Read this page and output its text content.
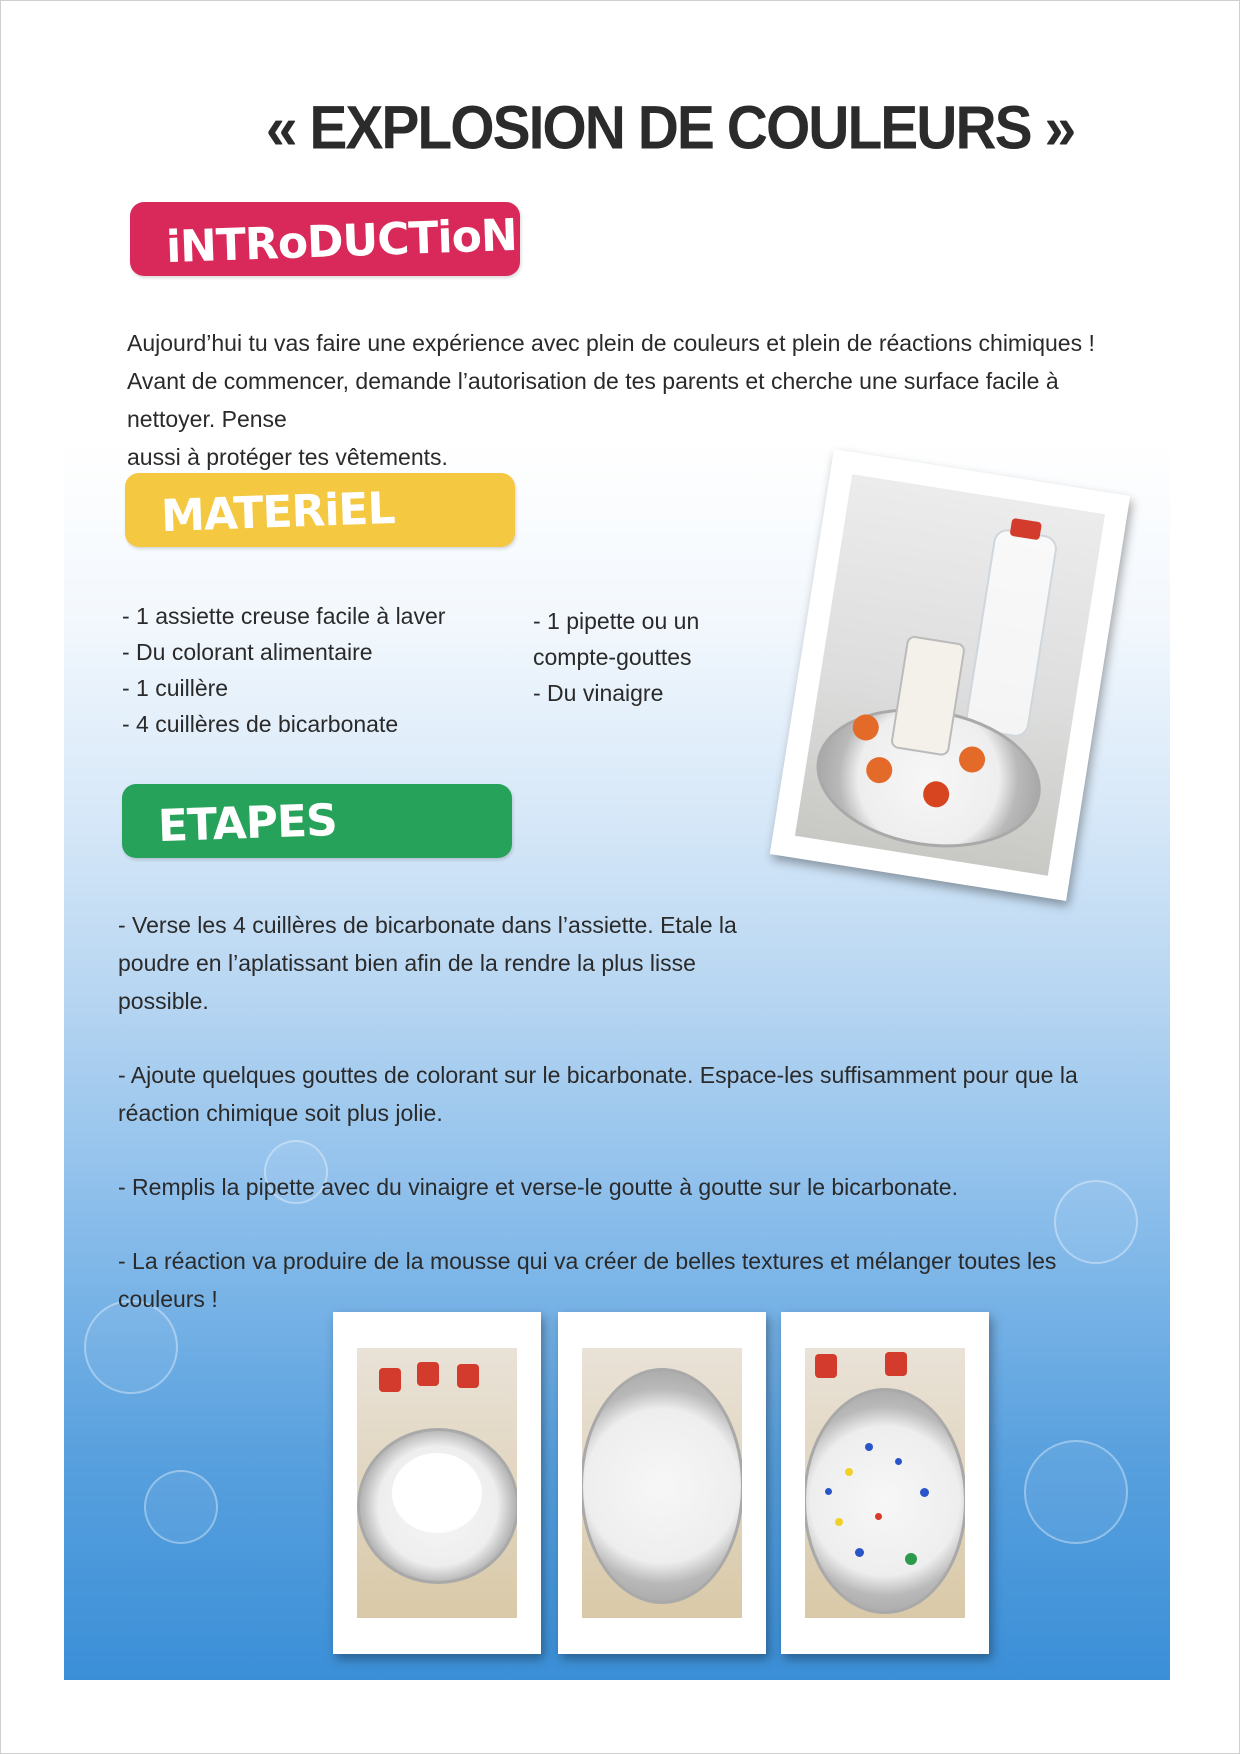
« EXPLOSION DE COULEURS »
iNTRoDUCTioN
Aujourd’hui tu vas faire une expérience avec plein de couleurs et plein de réactions chimiques !
Avant de commencer, demande l’autorisation de tes parents et cherche une surface facile à nettoyer. Pense
aussi à protéger tes vêtements.
MATERiEL
- 1 assiette creuse facile à laver
- Du colorant alimentaire
- 1 cuillère
- 4 cuillères de bicarbonate
- 1 pipette ou un
compte-gouttes
- Du vinaigre
ETAPES

- Verse les 4 cuillères de bicarbonate dans l’assiette. Etale la poudre en l’aplatissant bien afin de la rendre la plus lisse possible.

- Ajoute quelques gouttes de colorant sur le bicarbonate. Espace-les suffisamment pour que la réaction chimique soit plus jolie.

- Remplis la pipette avec du vinaigre et verse-le goutte à goutte sur le bicarbonate.

- La réaction va produire de la mousse qui va créer de belles textures et mélanger toutes les couleurs !
